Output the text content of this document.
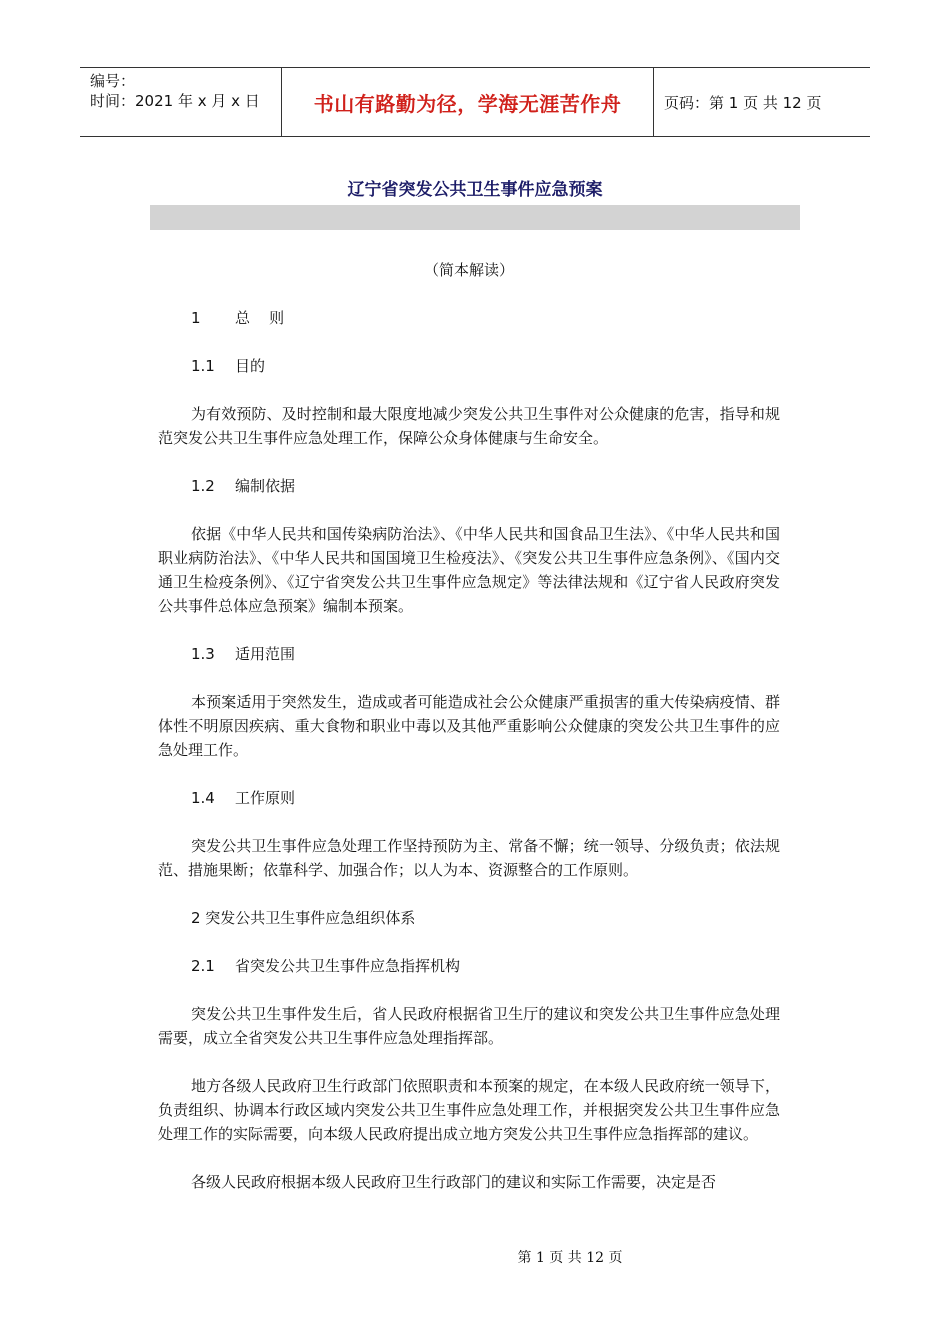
编号：
时间：2021 年 x 月 x 日	书山有路勤为径，学海无涯苦作舟	页码：第 1 页 共 12 页
辽宁省突发公共卫生事件应急预案

（简本解读）

1 总    则

1.1 目的

为有效预防、及时控制和最大限度地减少突发公共卫生事件对公众健康的危害，指导和规范突发公共卫生事件应急处理工作，保障公众身体健康与生命安全。

1.2 编制依据

依据《中华人民共和国传染病防治法》、《中华人民共和国食品卫生法》、《中华人民共和国职业病防治法》、《中华人民共和国国境卫生检疫法》、《突发公共卫生事件应急条例》、《国内交通卫生检疫条例》、《辽宁省突发公共卫生事件应急规定》等法律法规和《辽宁省人民政府突发公共事件总体应急预案》编制本预案。

1.3 适用范围

本预案适用于突然发生，造成或者可能造成社会公众健康严重损害的重大传染病疫情、群体性不明原因疾病、重大食物和职业中毒以及其他严重影响公众健康的突发公共卫生事件的应急处理工作。

1.4 工作原则

突发公共卫生事件应急处理工作坚持预防为主、常备不懈；统一领导、分级负责；依法规范、措施果断；依靠科学、加强合作；以人为本、资源整合的工作原则。

2 突发公共卫生事件应急组织体系

2.1 省突发公共卫生事件应急指挥机构

突发公共卫生事件发生后，省人民政府根据省卫生厅的建议和突发公共卫生事件应急处理需要，成立全省突发公共卫生事件应急处理指挥部。

地方各级人民政府卫生行政部门依照职责和本预案的规定，在本级人民政府统一领导下，负责组织、协调本行政区域内突发公共卫生事件应急处理工作，并根据突发公共卫生事件应急处理工作的实际需要，向本级人民政府提出成立地方突发公共卫生事件应急指挥部的建议。

各级人民政府根据本级人民政府卫生行政部门的建议和实际工作需要，决定是否

第 1 页 共 12 页
